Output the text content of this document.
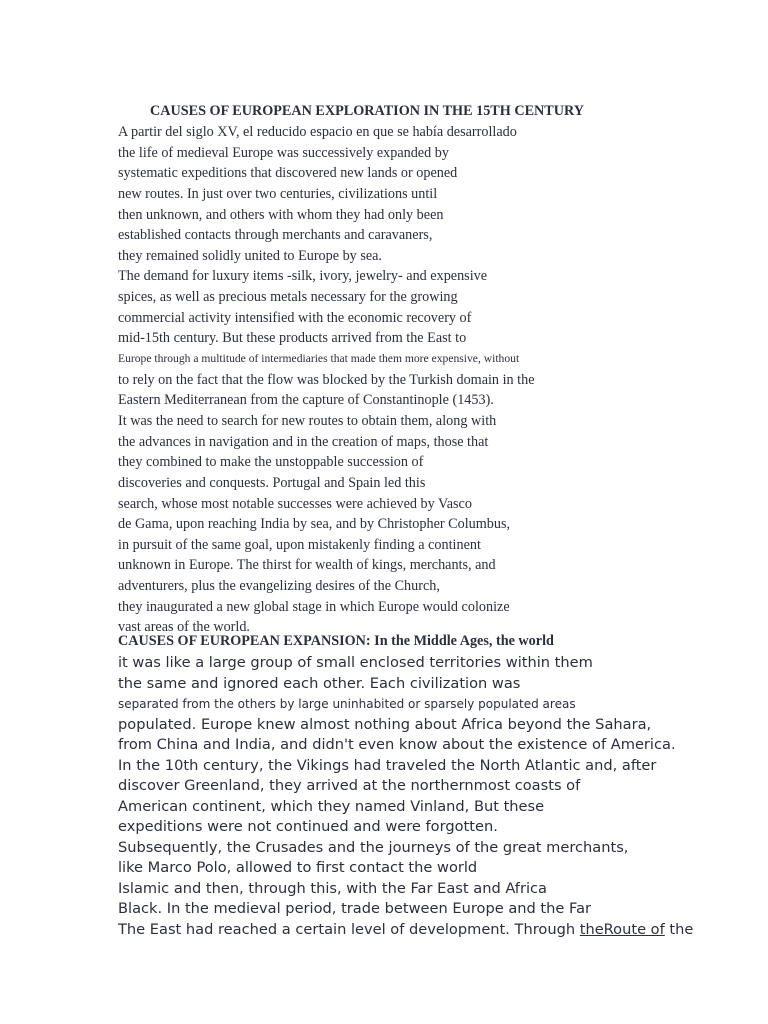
CAUSES OF EUROPEAN EXPLORATION IN THE 15TH CENTURY
A partir del siglo XV, el reducido espacio en que se había desarrollado
the life of medieval Europe was successively expanded by
systematic expeditions that discovered new lands or opened
new routes. In just over two centuries, civilizations until
then unknown, and others with whom they had only been
established contacts through merchants and caravaners,
they remained solidly united to Europe by sea.
The demand for luxury items -silk, ivory, jewelry- and expensive
spices, as well as precious metals necessary for the growing
commercial activity intensified with the economic recovery of
mid-15th century. But these products arrived from the East to
Europe through a multitude of intermediaries that made them more expensive, without
to rely on the fact that the flow was blocked by the Turkish domain in the
Eastern Mediterranean from the capture of Constantinople (1453).
It was the need to search for new routes to obtain them, along with
the advances in navigation and in the creation of maps, those that
they combined to make the unstoppable succession of
discoveries and conquests. Portugal and Spain led this
search, whose most notable successes were achieved by Vasco
de Gama, upon reaching India by sea, and by Christopher Columbus,
in pursuit of the same goal, upon mistakenly finding a continent
unknown in Europe. The thirst for wealth of kings, merchants, and
adventurers, plus the evangelizing desires of the Church,
they inaugurated a new global stage in which Europe would colonize
vast areas of the world.
CAUSES OF EUROPEAN EXPANSION: In the Middle Ages, the world
it was like a large group of small enclosed territories within them
the same and ignored each other. Each civilization was
separated from the others by large uninhabited or sparsely populated areas
populated. Europe knew almost nothing about Africa beyond the Sahara,
from China and India, and didn't even know about the existence of America.
In the 10th century, the Vikings had traveled the North Atlantic and, after
discover Greenland, they arrived at the northernmost coasts of
American continent, which they named Vinland, But these
expeditions were not continued and were forgotten.
Subsequently, the Crusades and the journeys of the great merchants,
like Marco Polo, allowed to first contact the world
Islamic and then, through this, with the Far East and Africa
Black. In the medieval period, trade between Europe and the Far
The East had reached a certain level of development. Through theRoute of the
